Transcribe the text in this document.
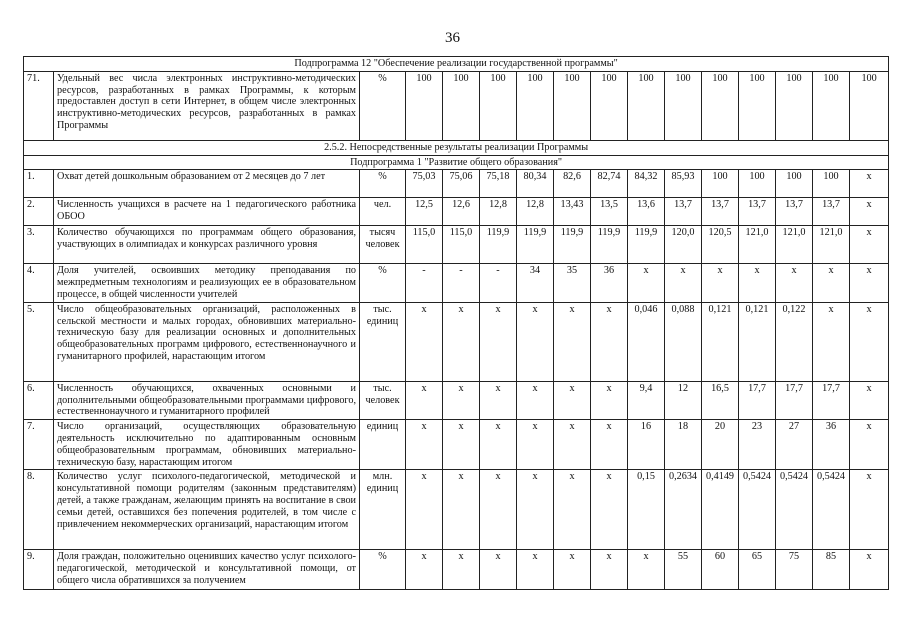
36
Подпрограмма 12 "Обеспечение реализации государственной программы"															
71.	Удельный вес числа электронных инструктивно-методических ресурсов, разработанных в рамках Программы, к которым предоставлен доступ в сети Интернет, в общем числе электронных инструктивно-методических ресурсов, разработанных в рамках Программы	%	100	100	100	100	100	100	100	100	100	100	100	100	100
2.5.2. Непосредственные результаты реализации Программы															
Подпрограмма 1 "Развитие общего образования"															
1.	Охват детей дошкольным образованием от 2 месяцев до 7 лет	%	75,03	75,06	75,18	80,34	82,6	82,74	84,32	85,93	100	100	100	100	x
2.	Численность учащихся в расчете на 1 педагогического работника ОБОО	чел.	12,5	12,6	12,8	12,8	13,43	13,5	13,6	13,7	13,7	13,7	13,7	13,7	x
3.	Количество обучающихся по программам общего образования, участвующих в олимпиадах и конкурсах различного уровня	тысяч человек	115,0	115,0	119,9	119,9	119,9	119,9	119,9	120,0	120,5	121,0	121,0	121,0	x
4.	Доля учителей, освоивших методику преподавания по межпредметным технологиям и реализующих ее в образовательном процессе, в общей численности учителей	%	-	-	-	34	35	36	x	x	x	x	x	x	x
5.	Число общеобразовательных организаций, расположенных в сельской местности и малых городах, обновивших материально-техническую базу для реализации основных и дополнительных общеобразовательных программ цифрового, естественнонаучного и гуманитарного профилей, нарастающим итогом	тыс. единиц	x	x	x	x	x	x	0,046	0,088	0,121	0,121	0,122	x	x
6.	Численность обучающихся, охваченных основными и дополнительными общеобразовательными программами цифрового, естественнонаучного и гуманитарного профилей	тыс. человек	x	x	x	x	x	x	9,4	12	16,5	17,7	17,7	17,7	x
7.	Число организаций, осуществляющих образовательную деятельность исключительно по адаптированным основным общеобразовательным программам, обновивших материально-техническую базу, нарастающим итогом	единиц	x	x	x	x	x	x	16	18	20	23	27	36	x
8.	Количество услуг психолого-педагогической, методической и консультативной помощи родителям (законным представителям) детей, а также гражданам, желающим принять на воспитание в свои семьи детей, оставшихся без попечения родителей, в том числе с привлечением некоммерческих организаций, нарастающим итогом	млн. единиц	x	x	x	x	x	x	0,15	0,2634	0,4149	0,5424	0,5424	0,5424	x
9.	Доля граждан, положительно оценивших качество услуг психолого-педагогической, методической и консультативной помощи, от общего числа обратившихся за получением	%	x	x	x	x	x	x	x	55	60	65	75	85	x
